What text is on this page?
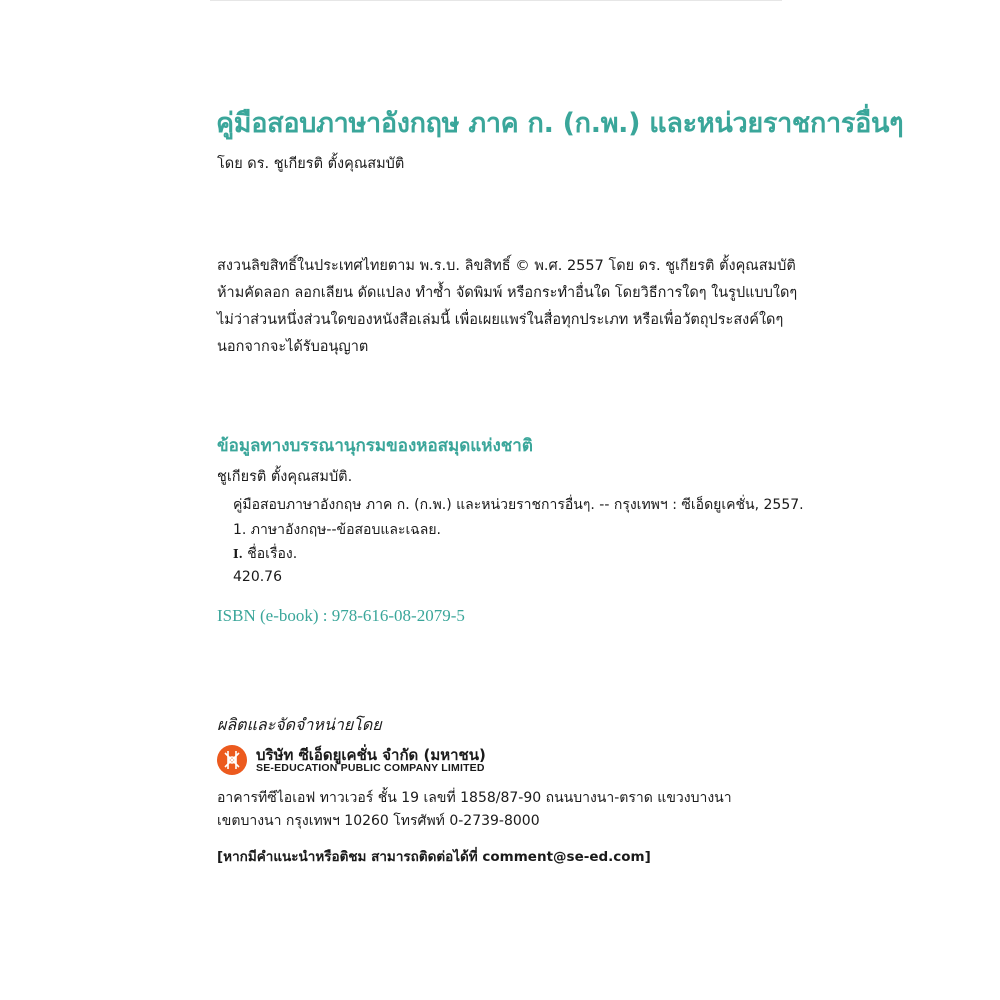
คู่มือสอบภาษาอังกฤษ ภาค ก. (ก.พ.) และหน่วยราชการอื่นๆ
โดย ดร. ชูเกียรติ ตั้งคุณสมบัติ
สงวนลิขสิทธิ์ในประเทศไทยตาม พ.ร.บ. ลิขสิทธิ์ © พ.ศ. 2557 โดย ดร. ชูเกียรติ ตั้งคุณสมบัติ
ห้ามคัดลอก ลอกเลียน ดัดแปลง ทำซ้ำ จัดพิมพ์ หรือกระทำอื่นใด โดยวิธีการใดๆ ในรูปแบบใดๆ
ไม่ว่าส่วนหนึ่งส่วนใดของหนังสือเล่มนี้ เพื่อเผยแพร่ในสื่อทุกประเภท หรือเพื่อวัตถุประสงค์ใดๆ
นอกจากจะได้รับอนุญาต
ข้อมูลทางบรรณานุกรมของหอสมุดแห่งชาติ
ชูเกียรติ ตั้งคุณสมบัติ.
คู่มือสอบภาษาอังกฤษ ภาค ก. (ก.พ.) และหน่วยราชการอื่นๆ. -- กรุงเทพฯ : ซีเอ็ดยูเคชั่น, 2557.
1. ภาษาอังกฤษ--ข้อสอบและเฉลย.
I. ชื่อเรื่อง.
420.76
ISBN (e-book) : 978-616-08-2079-5
ผลิตและจัดจำหน่ายโดย
บริษัท ซีเอ็ดยูเคชั่น จำกัด (มหาชน)
SE-EDUCATION PUBLIC COMPANY LIMITED
อาคารทีซีไอเอฟ ทาวเวอร์ ชั้น 19 เลขที่ 1858/87-90 ถนนบางนา-ตราด แขวงบางนา
เขตบางนา กรุงเทพฯ 10260 โทรศัพท์ 0-2739-8000
[หากมีคำแนะนำหรือติชม สามารถติดต่อได้ที่ comment@se-ed.com]
